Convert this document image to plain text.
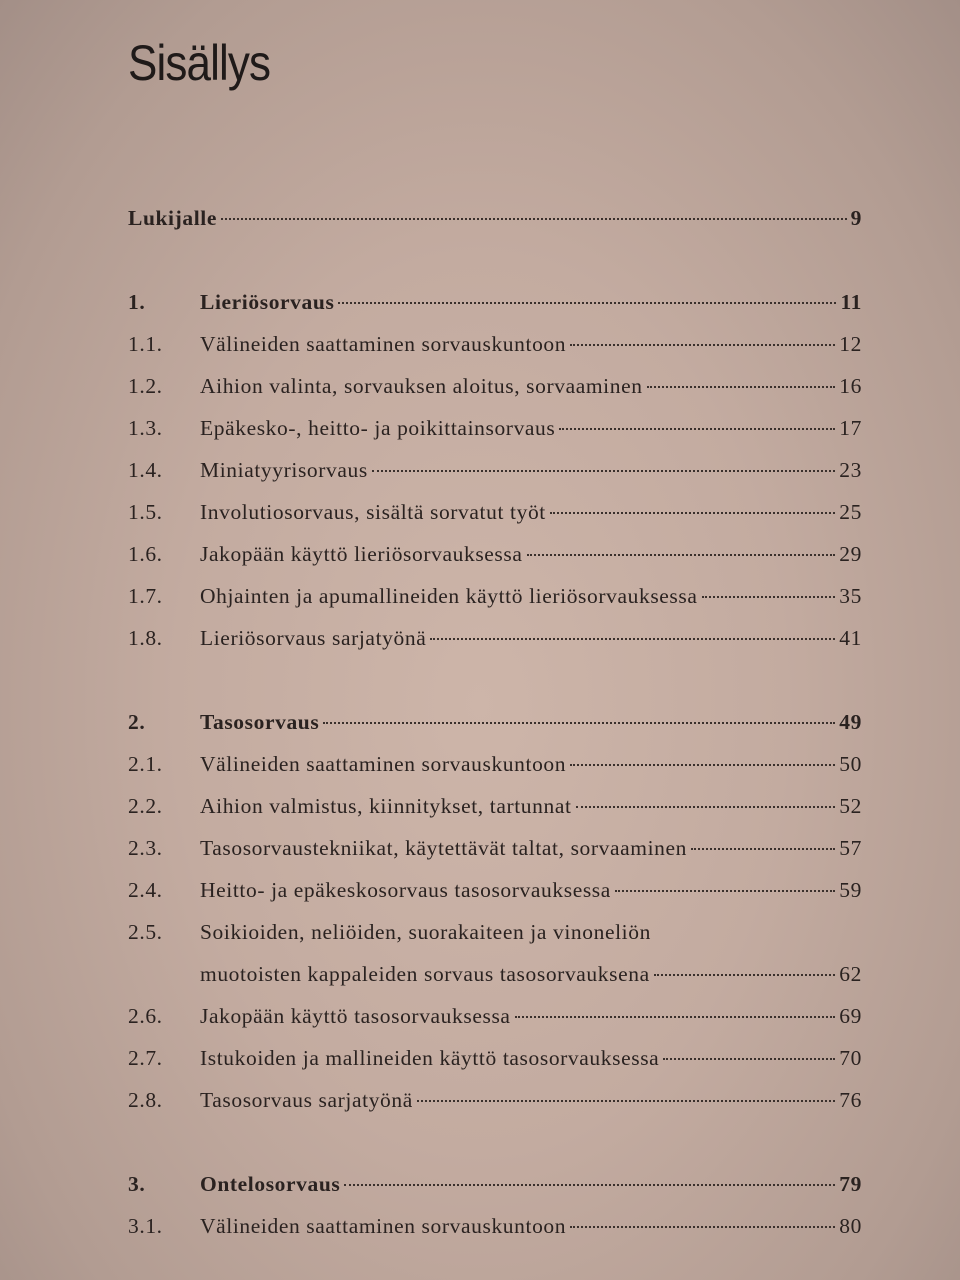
Sisällys
Lukijalle	9
1.	Lieriösorvaus	11
1.1.	Välineiden saattaminen sorvauskuntoon	12
1.2.	Aihion valinta, sorvauksen aloitus, sorvaaminen	16
1.3.	Epäkesko-, heitto- ja poikittainsorvaus	17
1.4.	Miniatyyrisorvaus	23
1.5.	Involutiosorvaus, sisältä sorvatut työt	25
1.6.	Jakopään käyttö lieriösorvauksessa	29
1.7.	Ohjainten ja apumallineiden käyttö lieriösorvauksessa	35
1.8.	Lieriösorvaus sarjatyönä	41
2.	Tasosorvaus	49
2.1.	Välineiden saattaminen sorvauskuntoon	50
2.2.	Aihion valmistus, kiinnitykset, tartunnat	52
2.3.	Tasosorvaustekniikat, käytettävät taltat, sorvaaminen	57
2.4.	Heitto- ja epäkeskosorvaus tasosorvauksessa	59
2.5.	Soikioiden, neliöiden, suorakaiteen ja vinoneliön
muotoisten kappaleiden sorvaus tasosorvauksena	62
2.6.	Jakopään käyttö tasosorvauksessa	69
2.7.	Istukoiden ja mallineiden käyttö tasosorvauksessa	70
2.8.	Tasosorvaus sarjatyönä	76
3.	Ontelosorvaus	79
3.1.	Välineiden saattaminen sorvauskuntoon	80
